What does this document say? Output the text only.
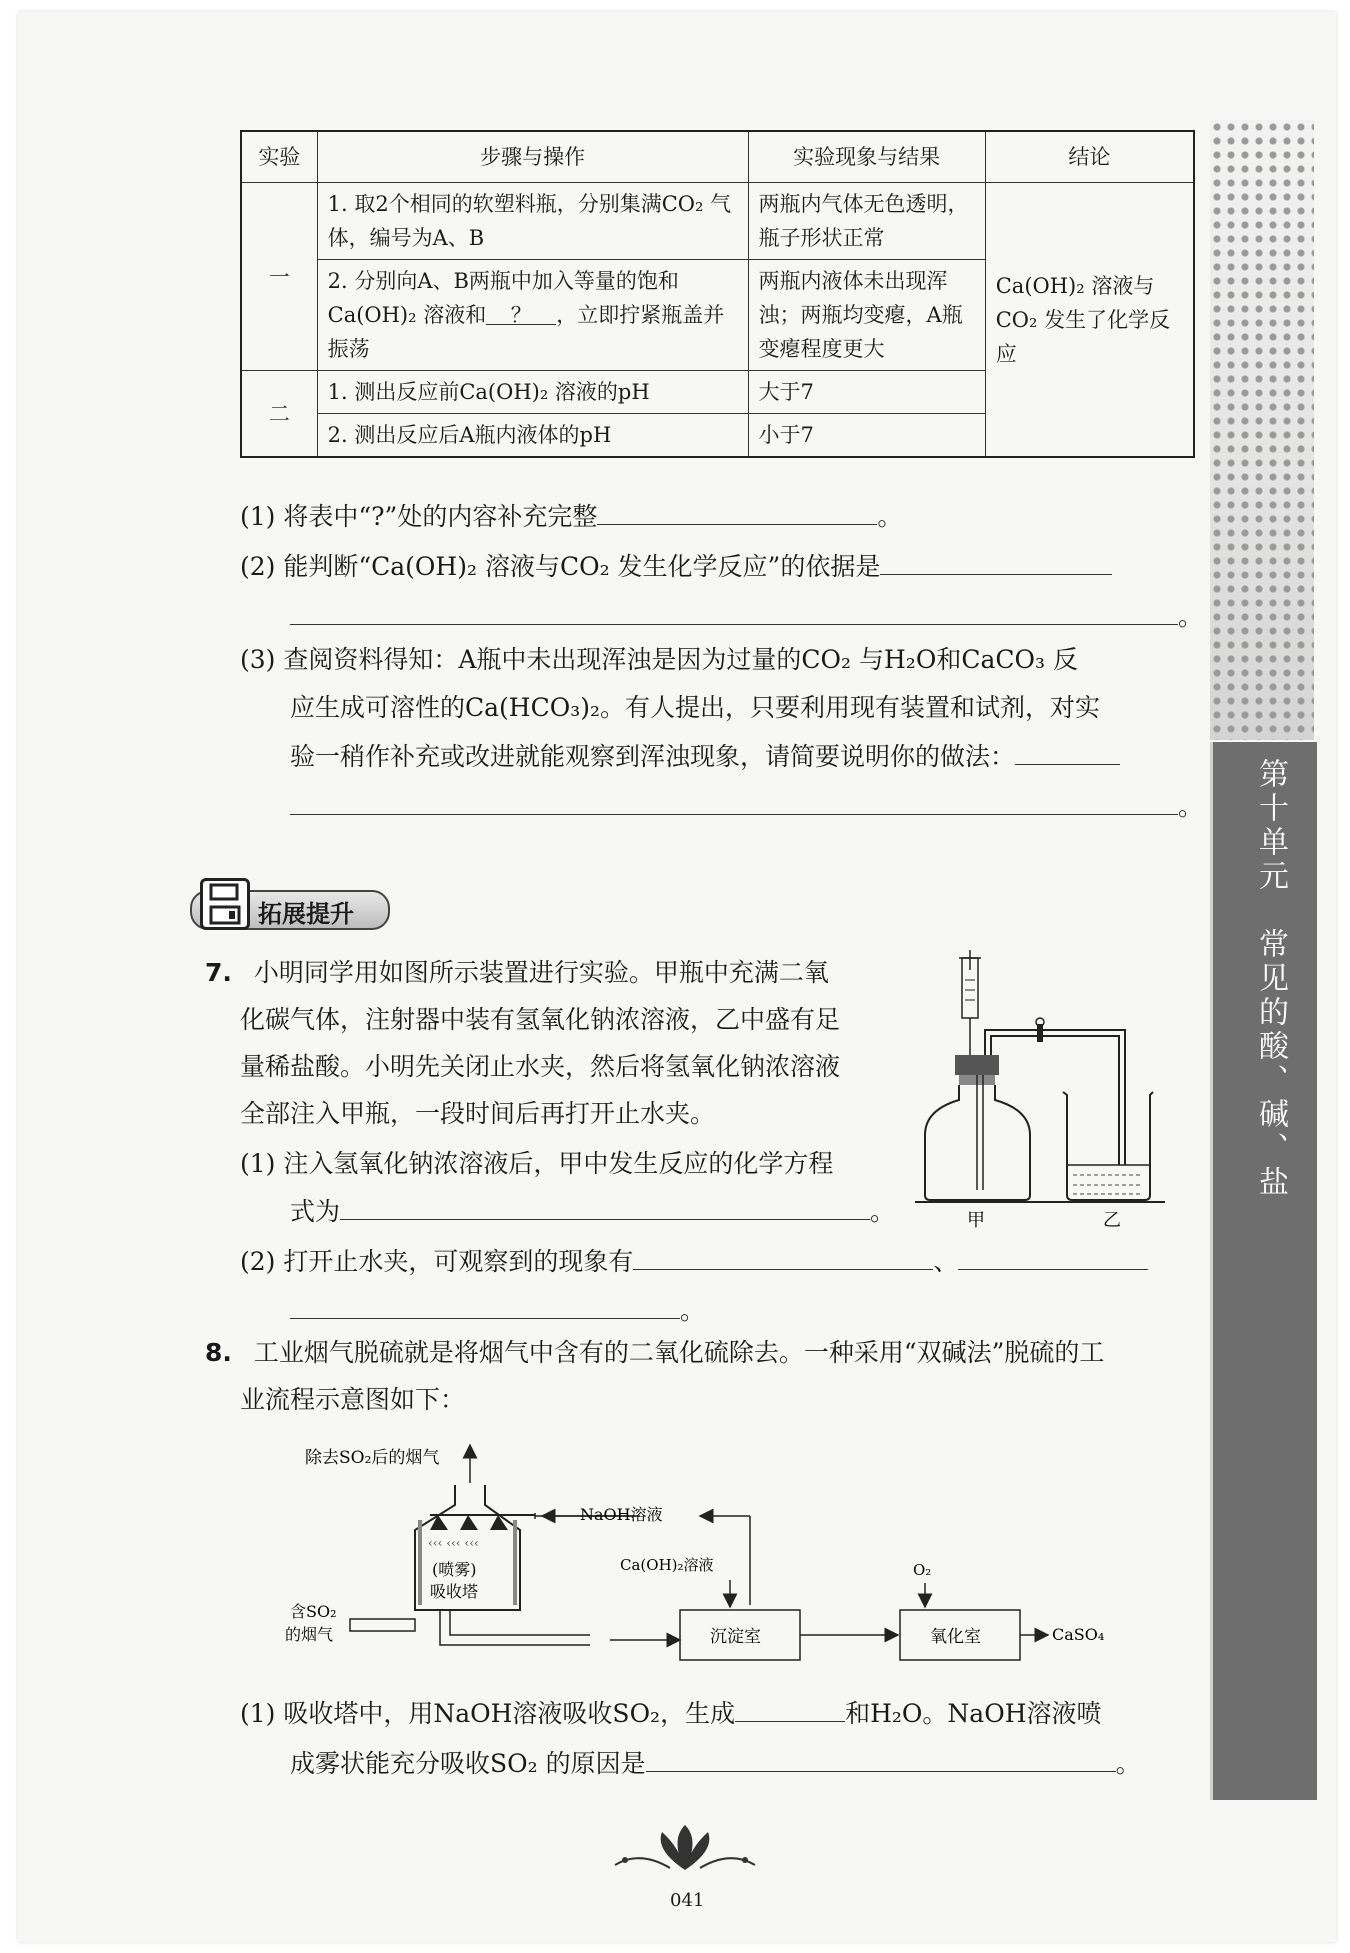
第十单元　常见的酸、碱、盐
实验	步骤与操作	实验现象与结果	结论
一	1. 取2个相同的软塑料瓶，分别集满CO₂ 气体，编号为A、B	两瓶内气体无色透明，瓶子形状正常	Ca(OH)₂ 溶液与CO₂ 发生了化学反应
	2. 分别向A、B两瓶中加入等量的饱和Ca(OH)₂ 溶液和 ？ ，立即拧紧瓶盖并振荡	两瓶内液体未出现浑浊；两瓶均变瘪，A瓶变瘪程度更大	
二	1. 测出反应前Ca(OH)₂ 溶液的pH	大于7	
	2. 测出反应后A瓶内液体的pH	小于7	
(1) 将表中“?”处的内容补充完整	。
(2) 能判断“Ca(OH)₂ 溶液与CO₂ 发生化学反应”的依据是
。
(3) 查阅资料得知：A瓶中未出现浑浊是因为过量的CO₂ 与H₂O和CaCO₃ 反
应生成可溶性的Ca(HCO₃)₂。有人提出，只要利用现有装置和试剂，对实
验一稍作补充或改进就能观察到浑浊现象，请简要说明你的做法：
。
拓展提升
7. 小明同学用如图所示装置进行实验。甲瓶中充满二氧
化碳气体，注射器中装有氢氧化钠浓溶液，乙中盛有足
量稀盐酸。小明先关闭止水夹，然后将氢氧化钠浓溶液
全部注入甲瓶，一段时间后再打开止水夹。
(1) 注入氢氧化钠浓溶液后，甲中发生反应的化学方程
式为	。
(2) 打开止水夹，可观察到的现象有	、
。
甲	乙
8. 工业烟气脱硫就是将烟气中含有的二氧化硫除去。一种采用“双碱法”脱硫的工
业流程示意图如下：
除去SO₂后的烟气
‹‹‹ ‹‹‹ ‹‹‹
(喷雾)
吸收塔
NaOH溶液
含SO₂
的烟气
Ca(OH)₂溶液
沉淀室
O₂
氧化室	CaSO₄
(1) 吸收塔中，用NaOH溶液吸收SO₂，生成	和H₂O。NaOH溶液喷
成雾状能充分吸收SO₂ 的原因是	。
041
